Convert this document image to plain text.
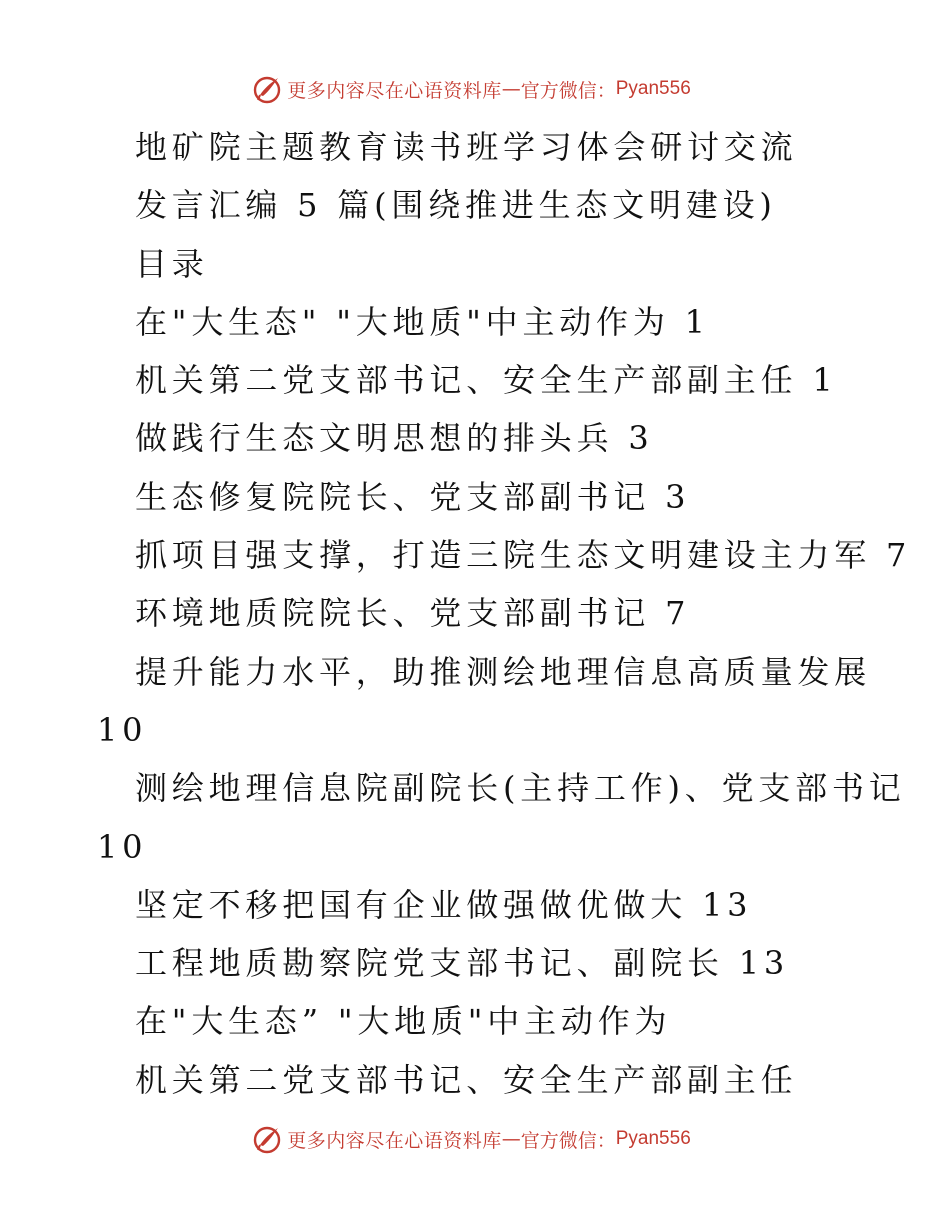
更多内容尽在心语资料库 — 官方微信： Pyan556
地矿院主题教育读书班学习体会研讨交流
发言汇编 5 篇(围绕推进生态文明建设)
目录
在"大生态" "大地质"中主动作为 1
机关第二党支部书记、安全生产部副主任 1
做践行生态文明思想的排头兵 3
生态修复院院长、党支部副书记 3
抓项目强支撑，打造三院生态文明建设主力军 7
环境地质院院长、党支部副书记 7
提升能力水平，助推测绘地理信息高质量发展
10
测绘地理信息院副院长(主持工作)、党支部书记
10
坚定不移把国有企业做强做优做大 13
工程地质勘察院党支部书记、副院长 13
在"大生态” "大地质"中主动作为
机关第二党支部书记、安全生产部副主任
更多内容尽在心语资料库 — 官方微信： Pyan556
